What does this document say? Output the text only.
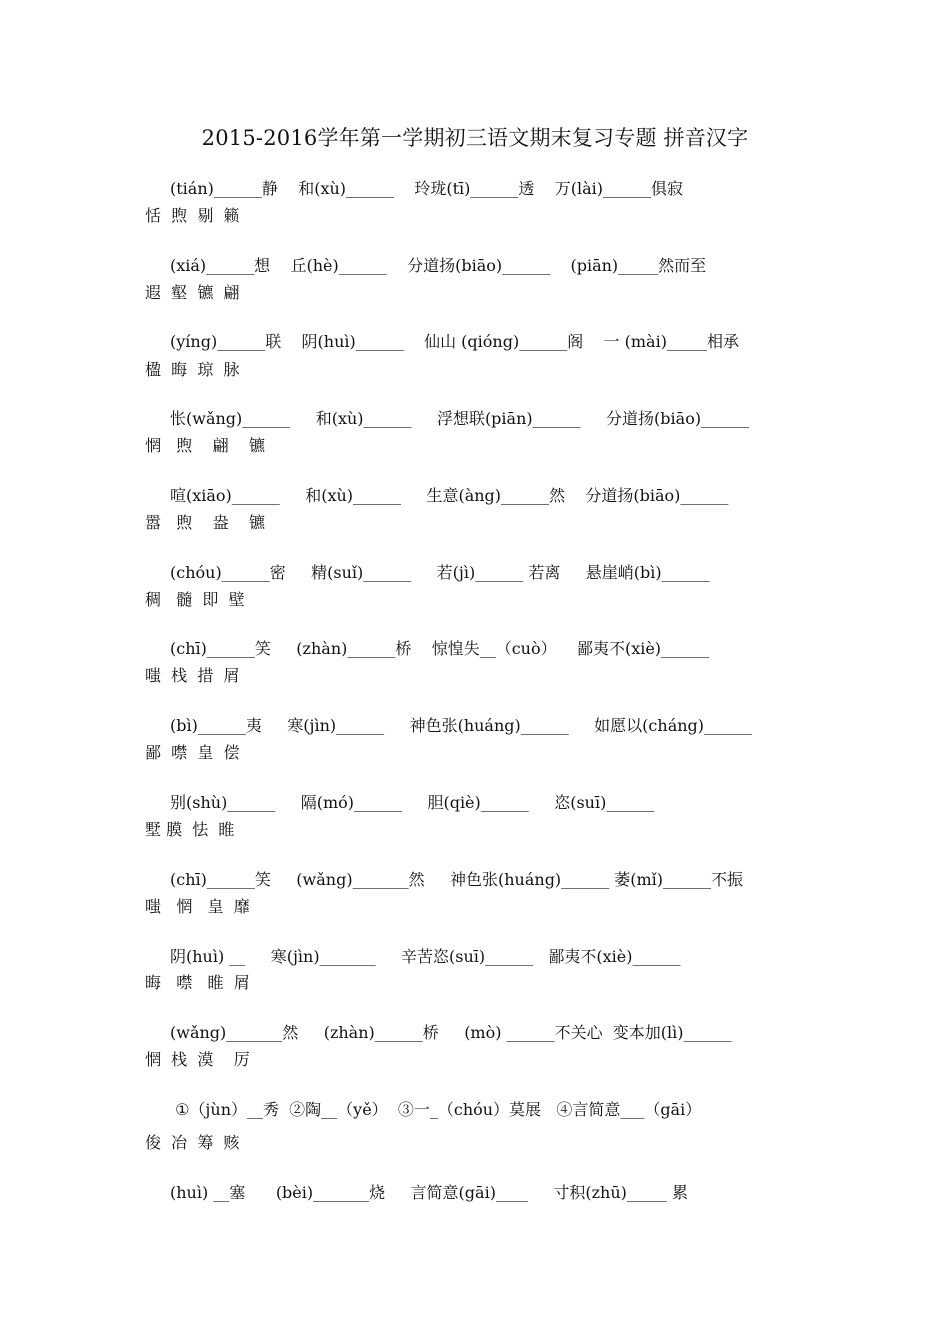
2015-2016学年第一学期初三语文期末复习专题 拼音汉字
(tián)______静    和(xù)______    玲珑(tī)______透    万(lài)______俱寂
恬  煦  剔  籁
(xiá)______想    丘(hè)______    分道扬(biāo)______    (piān)_____然而至
遐  壑  镳  翩
(yíng)______联    阴(huì)______    仙山 (qióng)______阁    一 (mài)_____相承
楹  晦  琼  脉
怅(wǎng)______     和(xù)______     浮想联(piān)______     分道扬(biāo)______
惘   煦    翩    镳
喧(xiāo)______     和(xù)______     生意(àng)______然    分道扬(biāo)______
嚣   煦    盎    镳
(chóu)______密     精(suǐ)______     若(jì)______ 若离     悬崖峭(bì)______
稠   髓  即  壁
(chī)______笑     (zhàn)______桥    惊惶失__（cuò）    鄙夷不(xiè)______
嗤  栈  措  屑
(bì)______夷     寒(jìn)______     神色张(huáng)______     如愿以(cháng)______
鄙  噤  皇  偿
别(shù)______     隔(mó)______     胆(qiè)______     恣(suī)______
墅 膜  怯  睢
(chī)______笑     (wǎng)_______然     神色张(huáng)______ 萎(mǐ)______不振
嗤   惘   皇  靡
阴(huì) __     寒(jìn)_______     辛苦恣(suī)______   鄙夷不(xiè)______
晦   噤   睢  屑
(wǎng)_______然     (zhàn)______桥     (mò) ______不关心  变本加(lì)______
惘  栈  漠    厉
①（jùn）__秀  ②陶__（yě）  ③一_（chóu）莫展   ④言简意___（gāi）
俊  冶  筹  赅
(huì) __塞      (bèi)_______烧     言简意(gāi)____     寸积(zhū)_____ 累
